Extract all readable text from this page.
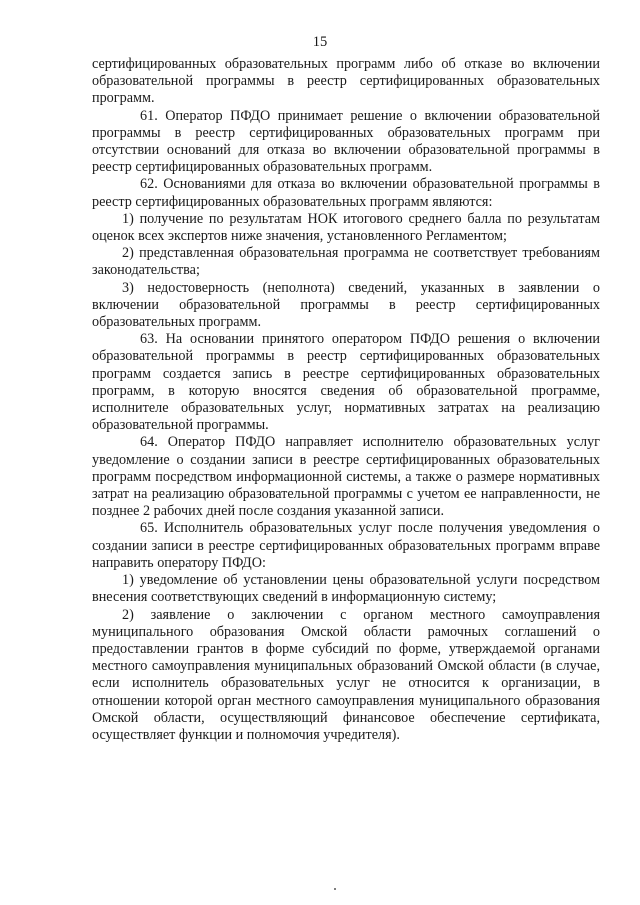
15

сертифицированных образовательных программ либо об отказе во включении образовательной программы в реестр сертифицированных образовательных программ.

61. Оператор ПФДО принимает решение о включении образовательной программы в реестр сертифицированных образовательных программ при отсутствии оснований для отказа во включении образовательной программы в реестр сертифицированных образовательных программ.

62. Основаниями для отказа во включении образовательной программы в реестр сертифицированных образовательных программ являются:

1) получение по результатам НОК итогового среднего балла по результатам оценок всех экспертов ниже значения, установленного Регламентом;

2) представленная образовательная программа не соответствует требованиям законодательства;

3) недостоверность (неполнота) сведений, указанных в заявлении о включении образовательной программы в реестр сертифицированных образовательных программ.

63. На основании принятого оператором ПФДО решения о включении образовательной программы в реестр сертифицированных образовательных программ создается запись в реестре сертифицированных образовательных программ, в которую вносятся сведения об образовательной программе, исполнителе образовательных услуг, нормативных затратах на реализацию образовательной программы.

64. Оператор ПФДО направляет исполнителю образовательных услуг уведомление о создании записи в реестре сертифицированных образовательных программ посредством информационной системы, а также о размере нормативных затрат на реализацию образовательной программы с учетом ее направленности, не позднее 2 рабочих дней после создания указанной записи.

65. Исполнитель образовательных услуг после получения уведомления о создании записи в реестре сертифицированных образовательных программ вправе направить оператору ПФДО:

1) уведомление об установлении цены образовательной услуги посредством внесения соответствующих сведений в информационную систему;

2) заявление о заключении с органом местного самоуправления муниципального образования Омской области рамочных соглашений о предоставлении грантов в форме субсидий по форме, утверждаемой органами местного самоуправления муниципальных образований Омской области (в случае, если исполнитель образовательных услуг не относится к организации, в отношении которой орган местного самоуправления муниципального образования Омской области, осуществляющий финансовое обеспечение сертификата, осуществляет функции и полномочия учредителя).
